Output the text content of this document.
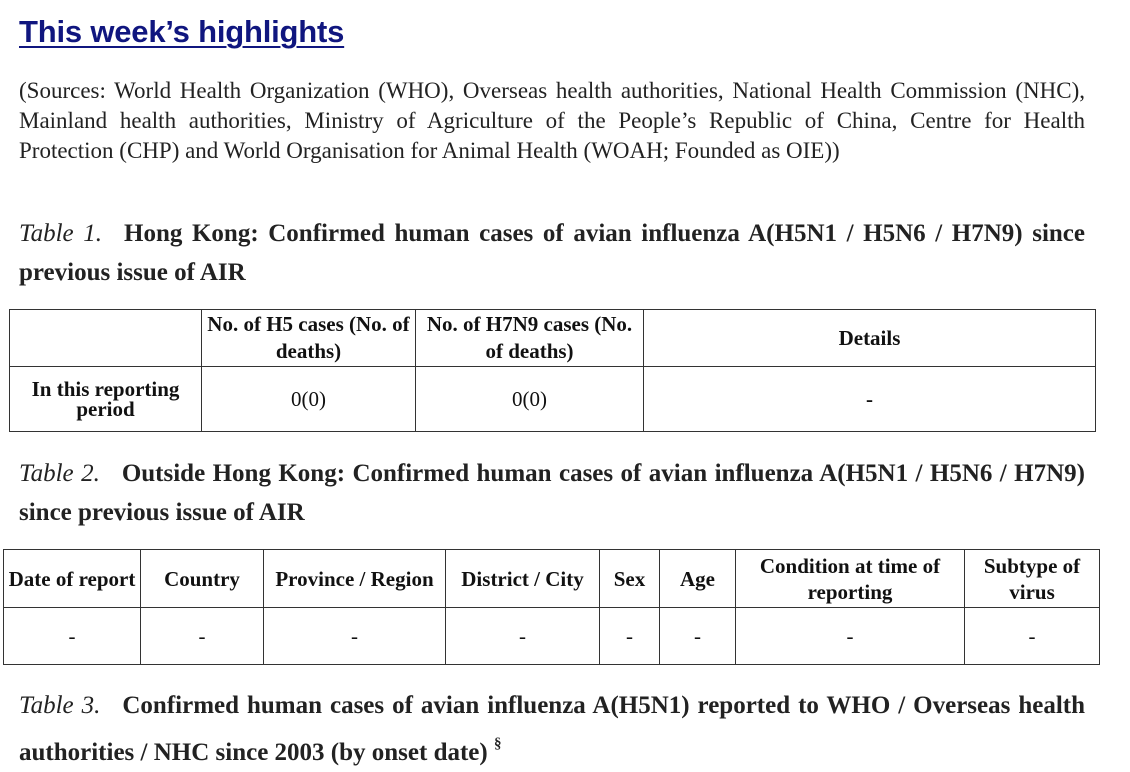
This week’s highlights
(Sources: World Health Organization (WHO), Overseas health authorities, National Health Commission (NHC), Mainland health authorities, Ministry of Agriculture of the People’s Republic of China, Centre for Health Protection (CHP) and World Organisation for Animal Health (WOAH; Founded as OIE))
Table 1. Hong Kong: Confirmed human cases of avian influenza A(H5N1 / H5N6 / H7N9) since previous issue of AIR
	No. of H5 cases (No. of deaths)	No. of H7N9 cases (No. of deaths)	Details
In this reporting period	0(0)	0(0)	-
Table 2. Outside Hong Kong: Confirmed human cases of avian influenza A(H5N1 / H5N6 / H7N9) since previous issue of AIR
Date of report	Country	Province / Region	District / City	Sex	Age	Condition at time of reporting	Subtype of virus
-	-	-	-	-	-	-	-
Table 3. Confirmed human cases of avian influenza A(H5N1) reported to WHO / Overseas health authorities / NHC since 2003 (by onset date) §
